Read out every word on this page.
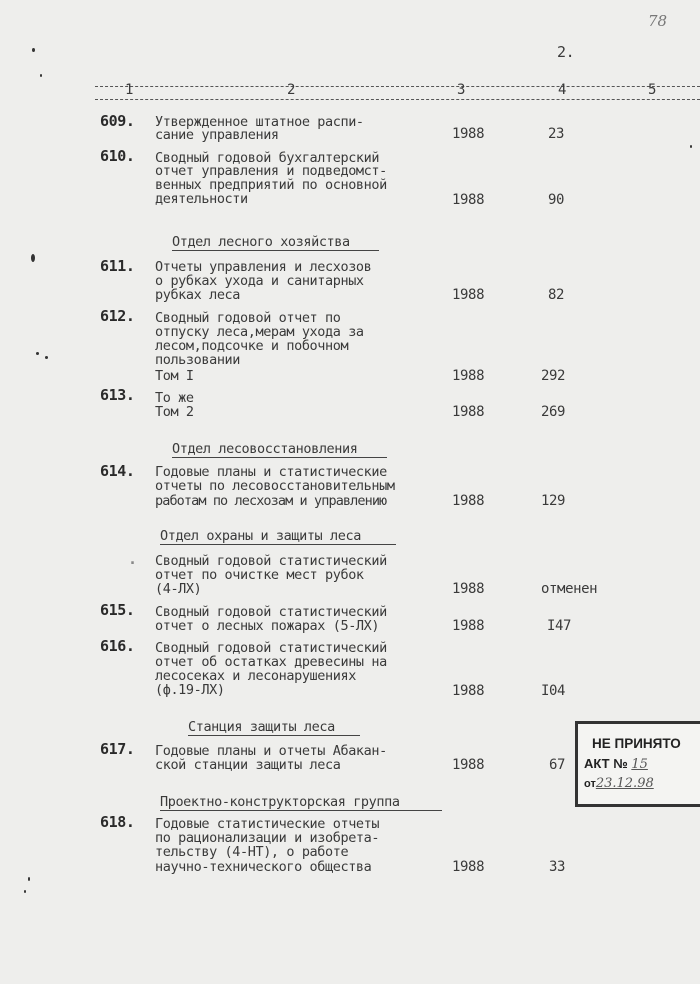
78
2.
1	2	3	4	5
609. Утвержденное штатное распи-
сание управления	1988	23
610. Сводный годовой бухгалтерский
отчет управления и подведомст-
венных предприятий по основной
деятельности	1988	90
Отдел лесного хозяйства
611. Отчеты управления и лесхозов
о рубках ухода и санитарных
рубках леса	1988	82
612. Сводный годовой отчет по
отпуску леса,мерам ухода за
лесом,подсочке и побочном
пользовании
Том I	1988	292
613. То же
Том 2	1988	269
Отдел лесовосстановления
614. Годовые планы и статистические
отчеты по лесовосстановительным
работам по лесхозам и управлению	1988	129
Отдел охраны и защиты леса
. Сводный годовой статистический
отчет по очистке мест рубок
(4-ЛХ)	1988	отменен
615. Сводный годовой статистический
отчет о лесных пожарах (5-ЛХ)	1988	I47
616. Сводный годовой статистический
отчет об остатках древесины на
лесосеках и лесонарушениях
(ф.19-ЛХ)	1988	I04
Станция защиты леса
617. Годовые планы и отчеты Абакан-
ской станции защиты леса	1988	67
Проектно-конструкторская группа
618. Годовые статистические отчеты
по рационализации и изобрета-
тельству (4-НТ), о работе
научно-технического общества	1988	33
НЕ ПРИНЯТО
АКТ № 15
от23.12.98
